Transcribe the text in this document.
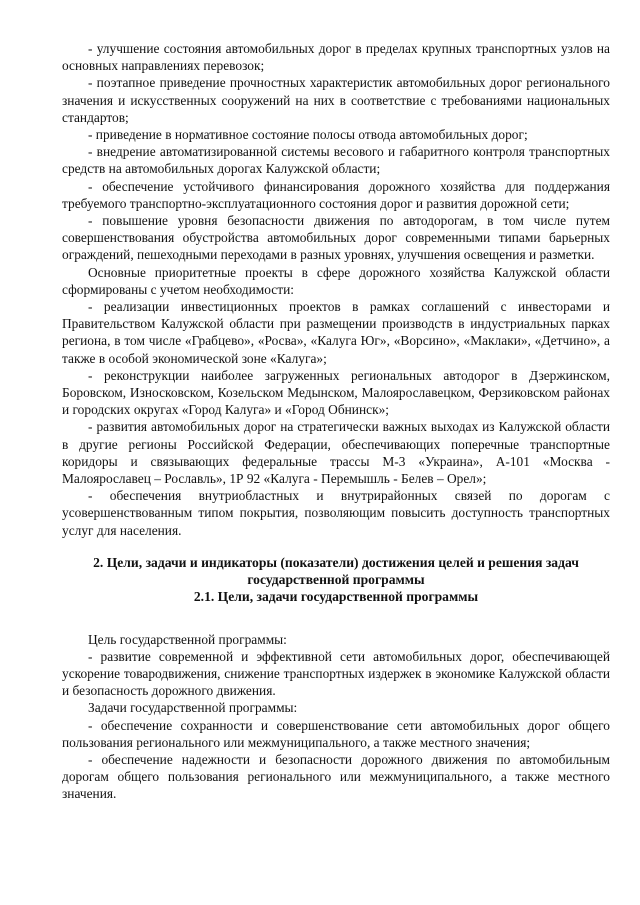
- улучшение состояния автомобильных дорог в пределах крупных транспортных узлов на основных направлениях перевозок;

- поэтапное приведение прочностных характеристик автомобильных дорог регионального значения и искусственных сооружений на них в соответствие с требованиями национальных стандартов;

- приведение в нормативное состояние полосы отвода автомобильных дорог;

- внедрение автоматизированной системы весового и габаритного контроля транспортных средств на автомобильных дорогах Калужской области;

- обеспечение устойчивого финансирования дорожного хозяйства для поддержания требуемого транспортно-эксплуатационного состояния дорог и развития дорожной сети;

- повышение уровня безопасности движения по автодорогам, в том числе путем совершенствования обустройства автомобильных дорог современными типами барьерных ограждений, пешеходными переходами в разных уровнях, улучшения освещения и разметки.

Основные приоритетные проекты в сфере дорожного хозяйства Калужской области сформированы с учетом необходимости:

- реализации инвестиционных проектов в рамках соглашений с инвесторами и Правительством Калужской области при размещении производств в индустриальных парках региона, в том числе «Грабцево», «Росва», «Калуга Юг», «Ворсино», «Маклаки», «Детчино», а также в особой экономической зоне «Калуга»;

- реконструкции наиболее загруженных региональных автодорог в Дзержинском, Боровском, Износковском, Козельском Медынском, Малоярославецком, Ферзиковском районах и городских округах «Город Калуга» и «Город Обнинск»;

- развития автомобильных дорог на стратегически важных выходах из Калужской области в другие регионы Российской Федерации, обеспечивающих поперечные транспортные коридоры и связывающих федеральные трассы М-3 «Украина», А-101 «Москва - Малоярославец – Рославль», 1Р 92 «Калуга - Перемышль - Белев – Орел»;

- обеспечения внутриобластных и внутрирайонных связей по дорогам с усовершенствованным типом покрытия, позволяющим повысить доступность транспортных услуг для населения.

2. Цели, задачи и индикаторы (показатели) достижения целей и решения задач
государственной программы

2.1. Цели, задачи государственной программы

Цель государственной программы:

- развитие современной и эффективной сети автомобильных дорог, обеспечивающей ускорение товародвижения, снижение транспортных издержек в экономике Калужской области и безопасность дорожного движения.

Задачи государственной программы:

- обеспечение сохранности и совершенствование сети автомобильных дорог общего пользования регионального или межмуниципального, а также местного значения;

- обеспечение надежности и безопасности дорожного движения по автомобильным дорогам общего пользования регионального или межмуниципального, а также местного значения.
